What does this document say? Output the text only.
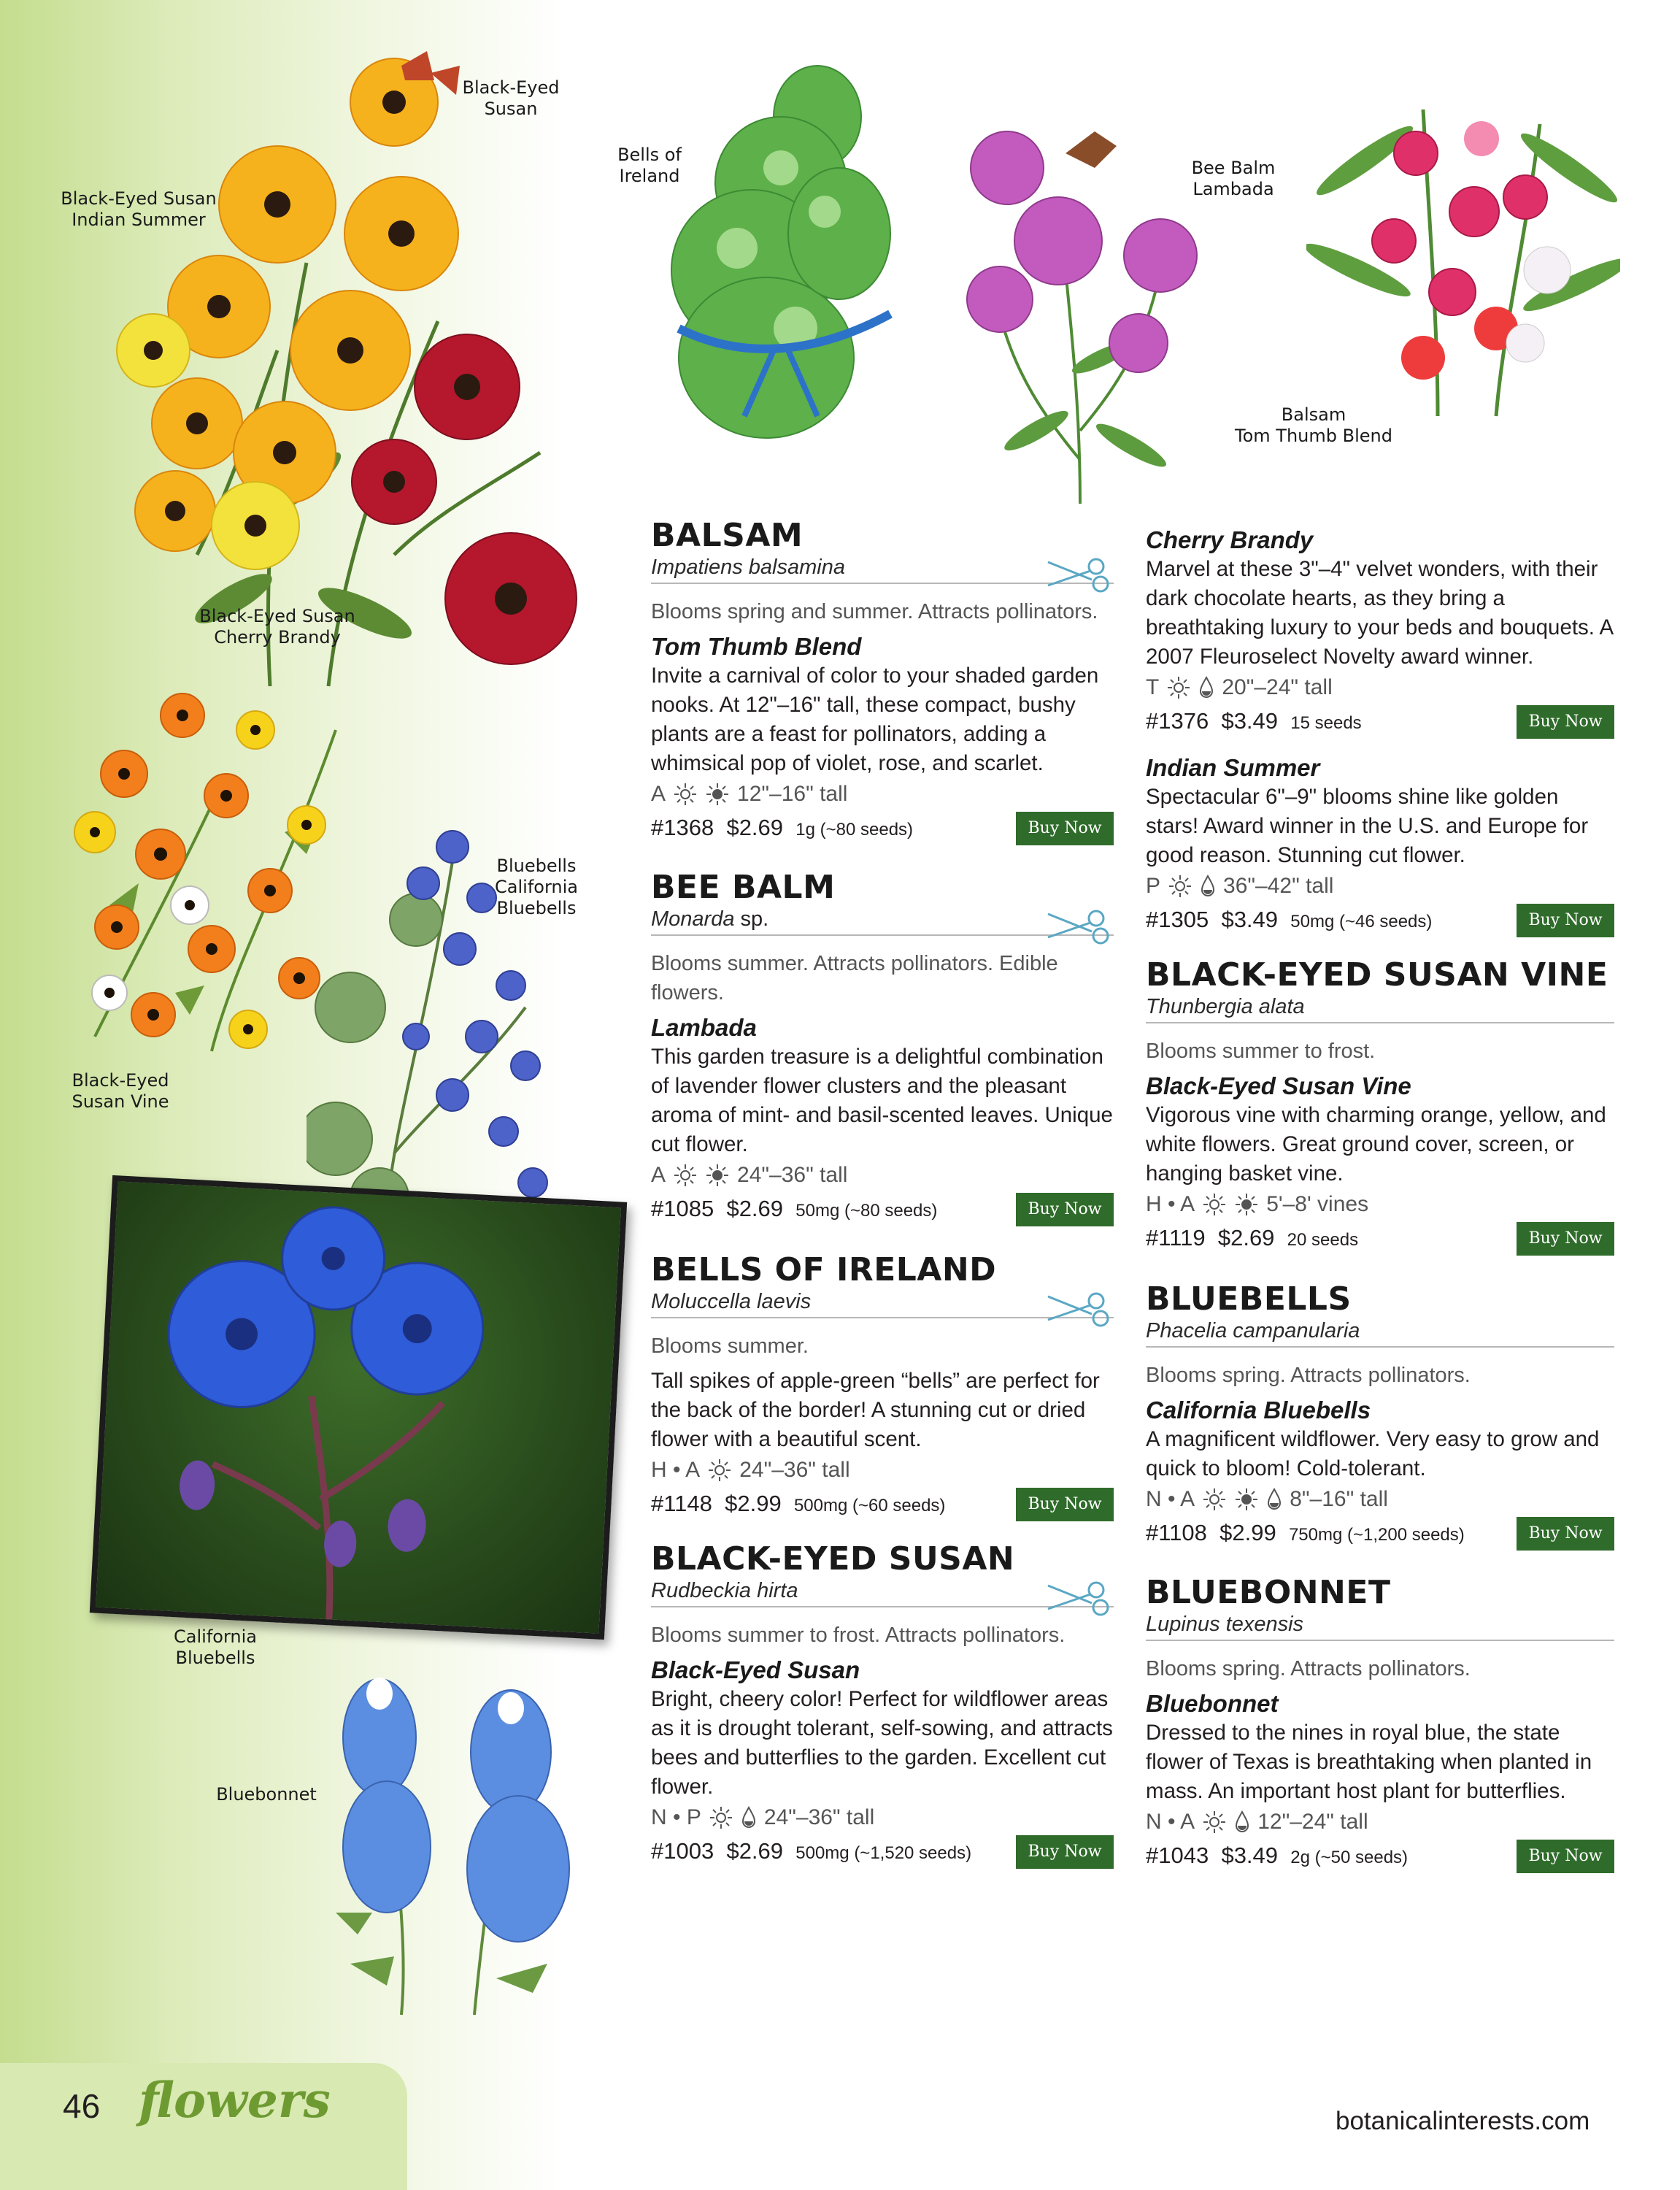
Black-Eyed
Susan
Black-Eyed Susan
Indian Summer
Black-Eyed Susan
Cherry Brandy
Black-Eyed
Susan Vine
Bluebells
California Bluebells
California Bluebells
Bluebonnet
Bells of
Ireland	Bee Balm
Lambada
Balsam
Tom Thumb Blend
BALSAM
Impatiens balsamina
Blooms spring and summer. Attracts pollinators.
Tom Thumb Blend
Invite a carnival of color to your shaded garden nooks. At 12"–16" tall, these compact, bushy plants are a feast for pollinators, adding a whimsical pop of violet, rose, and scarlet.
A	12"–16" tall
#1368 $2.69 1g (~80 seeds)	Buy Now
BEE BALM
Monarda sp.
Blooms summer. Attracts pollinators. Edible flowers.
Lambada
This garden treasure is a delightful combination of lavender flower clusters and the pleasant aroma of mint- and basil-scented leaves. Unique cut flower.
A	24"–36" tall
#1085 $2.69 50mg (~80 seeds)	Buy Now
BELLS OF IRELAND
Moluccella laevis
Blooms summer.
Tall spikes of apple-green “bells” are perfect for the back of the border! A stunning cut or dried flower with a beautiful scent.
H • A 24"–36" tall
#1148 $2.99 500mg (~60 seeds)	Buy Now
BLACK-EYED SUSAN
Rudbeckia hirta
Blooms summer to frost. Attracts pollinators.
Black-Eyed Susan
Bright, cheery color! Perfect for wildflower areas as it is drought tolerant, self-sowing, and attracts bees and butterflies to the garden. Excellent cut flower.
N • P	24"–36" tall
#1003 $2.69 500mg (~1,520 seeds)	Buy Now
Cherry Brandy
Marvel at these 3"–4" velvet wonders, with their dark chocolate hearts, as they bring a breathtaking luxury to your beds and bouquets. A 2007 Fleuroselect Novelty award winner.
T	20"–24" tall
#1376 $3.49 15 seeds	Buy Now
Indian Summer
Spectacular 6"–9" blooms shine like golden stars! Award winner in the U.S. and Europe for good reason. Stunning cut flower.
P	36"–42" tall
#1305 $3.49 50mg (~46 seeds)	Buy Now
BLACK-EYED SUSAN VINE
Thunbergia alata
Blooms summer to frost.
Black-Eyed Susan Vine
Vigorous vine with charming orange, yellow, and white flowers. Great ground cover, screen, or hanging basket vine.
H • A	5'–8' vines
#1119 $2.69 20 seeds	Buy Now
BLUEBELLS
Phacelia campanularia
Blooms spring. Attracts pollinators.
California Bluebells
A magnificent wildflower. Very easy to grow and quick to bloom! Cold-tolerant.
N • A	8"–16" tall
#1108 $2.99 750mg (~1,200 seeds)	Buy Now
BLUEBONNET
Lupinus texensis
Blooms spring. Attracts pollinators.
Bluebonnet
Dressed to the nines in royal blue, the state flower of Texas is breathtaking when planted in mass. An important host plant for butterflies.
N • A	12"–24" tall
#1043 $3.49 2g (~50 seeds)	Buy Now
46 flowers	botanicalinterests.com
